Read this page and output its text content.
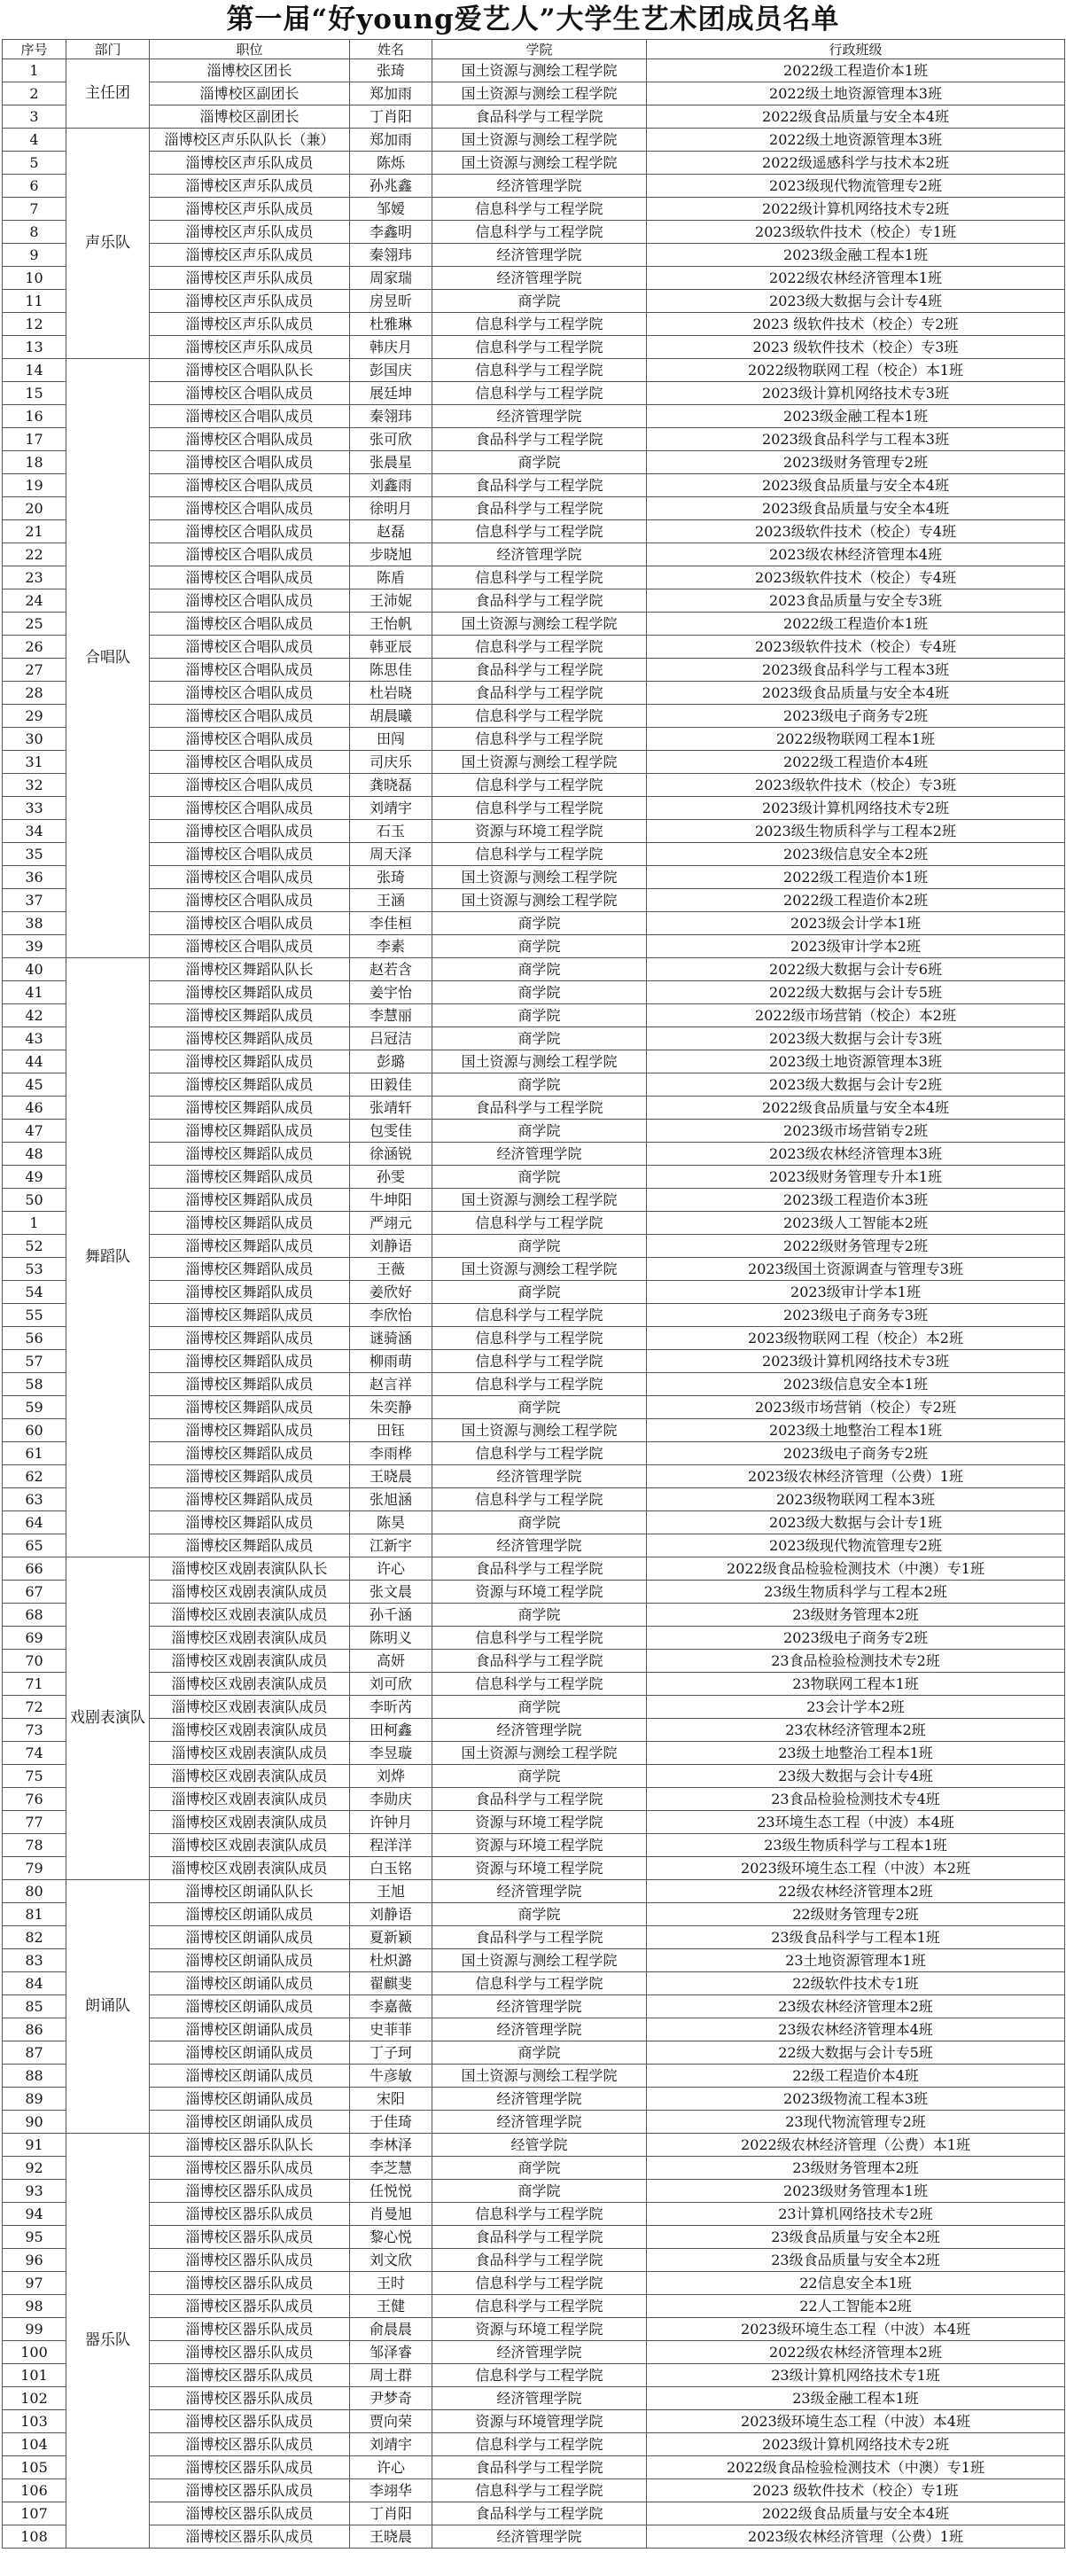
第一届“好young爱艺人”大学生艺术团成员名单
序号	部门	职位	姓名	学院	行政班级
1	主任团	淄博校区团长	张琦	国土资源与测绘工程学院	2022级工程造价本1班
2		淄博校区副团长	郑加雨	国土资源与测绘工程学院	2022级土地资源管理本3班
3		淄博校区副团长	丁肖阳	食品科学与工程学院	2022级食品质量与安全本4班
4	声乐队	淄博校区声乐队队长（兼）	郑加雨	国土资源与测绘工程学院	2022级土地资源管理本3班
5		淄博校区声乐队成员	陈烁	国土资源与测绘工程学院	2022级遥感科学与技术本2班
6		淄博校区声乐队成员	孙兆鑫	经济管理学院	2023级现代物流管理专2班
7		淄博校区声乐队成员	邹嫒	信息科学与工程学院	2022级计算机网络技术专2班
8		淄博校区声乐队成员	李鑫明	信息科学与工程学院	2023级软件技术（校企）专1班
9		淄博校区声乐队成员	秦翎玮	经济管理学院	2023级金融工程本1班
10		淄博校区声乐队成员	周家瑞	经济管理学院	2022级农林经济管理本1班
11		淄博校区声乐队成员	房昱昕	商学院	2023级大数据与会计专4班
12		淄博校区声乐队成员	杜雅琳	信息科学与工程学院	2023 级软件技术（校企）专2班
13		淄博校区声乐队成员	韩庆月	信息科学与工程学院	2023 级软件技术（校企）专3班
14	合唱队	淄博校区合唱队队长	彭国庆	信息科学与工程学院	2022级物联网工程（校企）本1班
15		淄博校区合唱队成员	展廷坤	信息科学与工程学院	2023级计算机网络技术专3班
16		淄博校区合唱队成员	秦翎玮	经济管理学院	2023级金融工程本1班
17		淄博校区合唱队成员	张可欣	食品科学与工程学院	2023级食品科学与工程本3班
18		淄博校区合唱队成员	张晨星	商学院	2023级财务管理专2班
19		淄博校区合唱队成员	刘鑫雨	食品科学与工程学院	2023级食品质量与安全本4班
20		淄博校区合唱队成员	徐明月	食品科学与工程学院	2023级食品质量与安全本4班
21		淄博校区合唱队成员	赵磊	信息科学与工程学院	2023级软件技术（校企）专4班
22		淄博校区合唱队成员	步晓旭	经济管理学院	2023级农林经济管理本4班
23		淄博校区合唱队成员	陈盾	信息科学与工程学院	2023级软件技术（校企）专4班
24		淄博校区合唱队成员	王沛妮	食品科学与工程学院	2023食品质量与安全专3班
25		淄博校区合唱队成员	王怡帆	国土资源与测绘工程学院	2022级工程造价本1班
26		淄博校区合唱队成员	韩亚辰	信息科学与工程学院	2023级软件技术（校企）专4班
27		淄博校区合唱队成员	陈思佳	食品科学与工程学院	2023级食品科学与工程本3班
28		淄博校区合唱队成员	杜岩晓	食品科学与工程学院	2023级食品质量与安全本4班
29		淄博校区合唱队成员	胡晨曦	信息科学与工程学院	2023级电子商务专2班
30		淄博校区合唱队成员	田闯	信息科学与工程学院	2022级物联网工程本1班
31		淄博校区合唱队成员	司庆乐	国土资源与测绘工程学院	2022级工程造价本4班
32		淄博校区合唱队成员	龚晓磊	信息科学与工程学院	2023级软件技术（校企）专3班
33		淄博校区合唱队成员	刘靖宇	信息科学与工程学院	2023级计算机网络技术专2班
34		淄博校区合唱队成员	石玉	资源与环境工程学院	2023级生物质科学与工程本2班
35		淄博校区合唱队成员	周天泽	信息科学与工程学院	2023级信息安全本2班
36		淄博校区合唱队成员	张琦	国土资源与测绘工程学院	2022级工程造价本1班
37		淄博校区合唱队成员	王涵	国土资源与测绘工程学院	2022级工程造价本2班
38		淄博校区合唱队成员	李佳桓	商学院	2023级会计学本1班
39		淄博校区合唱队成员	李素	商学院	2023级审计学本2班
40	舞蹈队	淄博校区舞蹈队队长	赵若含	商学院	2022级大数据与会计专6班
41		淄博校区舞蹈队成员	姜宇怡	商学院	2022级大数据与会计专5班
42		淄博校区舞蹈队成员	李慧丽	商学院	2022级市场营销（校企）本2班
43		淄博校区舞蹈队成员	吕冠洁	商学院	2023级大数据与会计专3班
44		淄博校区舞蹈队成员	彭璐	国土资源与测绘工程学院	2023级土地资源管理本3班
45		淄博校区舞蹈队成员	田毅佳	商学院	2023级大数据与会计专2班
46		淄博校区舞蹈队成员	张靖轩	食品科学与工程学院	2022级食品质量与安全本4班
47		淄博校区舞蹈队成员	包雯佳	商学院	2023级市场营销专2班
48		淄博校区舞蹈队成员	徐涵锐	经济管理学院	2023级农林经济管理本3班
49		淄博校区舞蹈队成员	孙雯	商学院	2023级财务管理专升本1班
50		淄博校区舞蹈队成员	牛坤阳	国土资源与测绘工程学院	2023级工程造价本3班
1		淄博校区舞蹈队成员	严翊元	信息科学与工程学院	2023级人工智能本2班
52		淄博校区舞蹈队成员	刘静语	商学院	2022级财务管理专2班
53		淄博校区舞蹈队成员	王薇	国土资源与测绘工程学院	2023级国土资源调查与管理专3班
54		淄博校区舞蹈队成员	姜欣好	商学院	2023级审计学本1班
55		淄博校区舞蹈队成员	李欣怡	信息科学与工程学院	2023级电子商务专3班
56		淄博校区舞蹈队成员	谜骑涵	信息科学与工程学院	2023级物联网工程（校企）本2班
57		淄博校区舞蹈队成员	柳雨萌	信息科学与工程学院	2023级计算机网络技术专3班
58		淄博校区舞蹈队成员	赵言祥	信息科学与工程学院	2023级信息安全本1班
59		淄博校区舞蹈队成员	朱奕静	商学院	2023级市场营销（校企）专2班
60		淄博校区舞蹈队成员	田钰	国土资源与测绘工程学院	2023级土地整治工程本1班
61		淄博校区舞蹈队成员	李雨桦	信息科学与工程学院	2023级电子商务专2班
62		淄博校区舞蹈队成员	王晓晨	经济管理学院	2023级农林经济管理（公费）1班
63		淄博校区舞蹈队成员	张旭涵	信息科学与工程学院	2023级物联网工程本3班
64		淄博校区舞蹈队成员	陈昊	商学院	2023级大数据与会计专1班
65		淄博校区舞蹈队成员	江新宇	经济管理学院	2023级现代物流管理专2班
66	戏剧表演队	淄博校区戏剧表演队队长	许心	食品科学与工程学院	2022级食品检验检测技术（中澳）专1班
67		淄博校区戏剧表演队成员	张文晨	资源与环境工程学院	23级生物质科学与工程本2班
68		淄博校区戏剧表演队成员	孙千涵	商学院	23级财务管理本2班
69		淄博校区戏剧表演队成员	陈明义	信息科学与工程学院	2023级电子商务专2班
70		淄博校区戏剧表演队成员	高妍	食品科学与工程学院	23食品检验检测技术专2班
71		淄博校区戏剧表演队成员	刘可欣	信息科学与工程学院	23物联网工程本1班
72		淄博校区戏剧表演队成员	李昕芮	商学院	23会计学本2班
73		淄博校区戏剧表演队成员	田柯鑫	经济管理学院	23农林经济管理本2班
74		淄博校区戏剧表演队成员	李昱璇	国土资源与测绘工程学院	23级土地整治工程本1班
75		淄博校区戏剧表演队成员	刘烨	商学院	23级大数据与会计专4班
76		淄博校区戏剧表演队成员	李勋庆	食品科学与工程学院	23食品检验检测技术专4班
77		淄博校区戏剧表演队成员	许钟月	资源与环境工程学院	23环境生态工程（中波）本4班
78		淄博校区戏剧表演队成员	程洋洋	资源与环境工程学院	23级生物质科学与工程本1班
79		淄博校区戏剧表演队成员	白玉铭	资源与环境工程学院	2023级环境生态工程（中波）本2班
80	朗诵队	淄博校区朗诵队队长	王旭	经济管理学院	22级农林经济管理本2班
81		淄博校区朗诵队成员	刘静语	商学院	22级财务管理专2班
82		淄博校区朗诵队成员	夏新颖	食品科学与工程学院	23级食品科学与工程本1班
83		淄博校区朗诵队成员	杜炽潞	国土资源与测绘工程学院	23土地资源管理本1班
84		淄博校区朗诵队成员	翟麒斐	信息科学与工程学院	22级软件技术专1班
85		淄博校区朗诵队成员	李嘉薇	经济管理学院	23级农林经济管理本2班
86		淄博校区朗诵队成员	史菲菲	经济管理学院	23级农林经济管理本4班
87		淄博校区朗诵队成员	丁子珂	商学院	22级大数据与会计专5班
88		淄博校区朗诵队成员	牛彦敏	国土资源与测绘工程学院	22级工程造价本4班
89		淄博校区朗诵队成员	宋阳	经济管理学院	2023级物流工程本3班
90		淄博校区朗诵队成员	于佳琦	经济管理学院	23现代物流管理专2班
91	器乐队	淄博校区器乐队队长	李林泽	经管学院	2022级农林经济管理（公费）本1班
92		淄博校区器乐队成员	李芝慧	商学院	23级财务管理本2班
93		淄博校区器乐队成员	任悦悦	商学院	2023级财务管理本1班
94		淄博校区器乐队成员	肖曼旭	信息科学与工程学院	23计算机网络技术专2班
95		淄博校区器乐队成员	黎心悦	食品科学与工程学院	23级食品质量与安全本2班
96		淄博校区器乐队成员	刘文欣	食品科学与工程学院	23级食品质量与安全本2班
97		淄博校区器乐队成员	王时	信息科学与工程学院	22信息安全本1班
98		淄博校区器乐队成员	王健	信息科学与工程学院	22人工智能本2班
99		淄博校区器乐队成员	俞晨晨	资源与环境工程学院	2023级环境生态工程（中波）本4班
100		淄博校区器乐队成员	邹泽睿	经济管理学院	2022级农林经济管理本2班
101		淄博校区器乐队成员	周士群	信息科学与工程学院	23级计算机网络技术专1班
102		淄博校区器乐队成员	尹梦奇	经济管理学院	23级金融工程本1班
103		淄博校区器乐队成员	贾向荣	资源与环境管理学院	2023级环境生态工程（中波）本4班
104		淄博校区器乐队成员	刘靖宇	信息科学与工程学院	2023级计算机网络技术专2班
105		淄博校区器乐队成员	许心	食品科学与工程学院	2022级食品检验检测技术（中澳）专1班
106		淄博校区器乐队成员	李翊华	信息科学与工程学院	2023 级软件技术（校企）专1班
107		淄博校区器乐队成员	丁肖阳	食品科学与工程学院	2022级食品质量与安全本4班
108		淄博校区器乐队成员	王晓晨	经济管理学院	2023级农林经济管理（公费）1班
